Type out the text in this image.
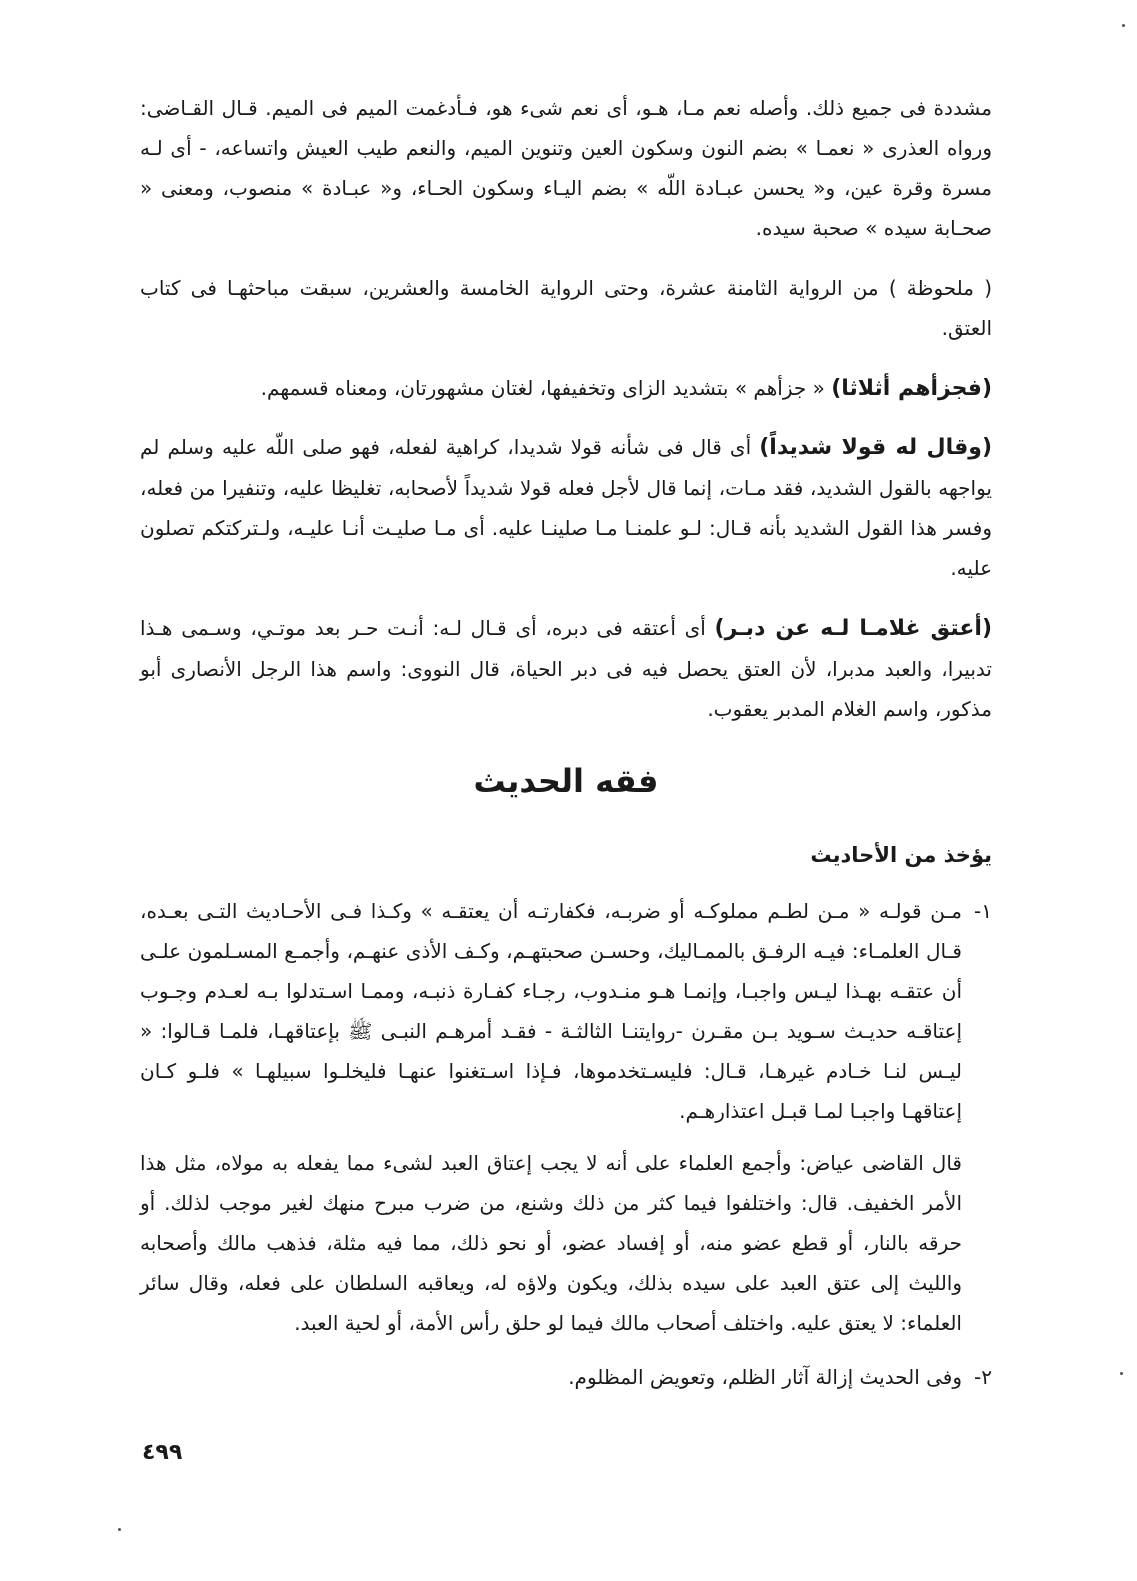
مشددة فى جميع ذلك. وأصله نعم مـا، هـو، أى نعم شىء هو، فـأدغمت الميم فى الميم. قـال القـاضى: ورواه العذرى « نعمـا » بضم النون وسكون العين وتنوين الميم، والنعم طيب العيش واتساعه، - أى لـه مسرة وقرة عين، و« يحسن عبـادة اللّه » بضم اليـاء وسكون الحـاء، و« عبـادة » منصوب، ومعنى « صحـابة سيده » صحبة سيده.

( ملحوظة ) من الرواية الثامنة عشرة، وحتى الرواية الخامسة والعشرين، سبقت مباحثهـا فى كتاب العتق.

(فجزأهم أثلاثا) « جزأهم » بتشديد الزاى وتخفيفها، لغتان مشهورتان، ومعناه قسمهم.

(وقال له قولا شديداً) أى قال فى شأنه قولا شديدا، كراهية لفعله، فهو صلى اللّه عليه وسلم لم يواجهه بالقول الشديد، فقد مـات، إنما قال لأجل فعله قولا شديداً لأصحابه، تغليظا عليه، وتنفيرا من فعله، وفسر هذا القول الشديد بأنه قـال: لـو علمنـا مـا صلينـا عليه. أى مـا صليـت أنـا عليـه، ولـتركتكم تصلون عليه.

(أعتق غلامـا لـه عن دبـر) أى أعتقه فى دبره، أى قـال لـه: أنـت حـر بعد موتـي، وسـمى هـذا تدبيرا، والعبد مدبرا، لأن العتق يحصل فيه فى دبر الحياة، قال النووى: واسم هذا الرجل الأنصارى أبو مذكور، واسم الغلام المدبر يعقوب.

فقه الحديث
يؤخذ من الأحاديث
١-
مـن قولـه « مـن لطـم مملوكـه أو ضربـه، فكفارتـه أن يعتقـه » وكـذا فـى الأحـاديث التـى بعـده، قـال العلمـاء: فيـه الرفـق بالممـاليك، وحسـن صحبتهـم، وكـف الأذى عنهـم، وأجمـع المسـلمون علـى أن عتقـه بهـذا ليـس واجبـا، وإنمـا هـو منـدوب، رجـاء كفـارة ذنبـه، وممـا اسـتدلوا بـه لعـدم وجـوب إعتاقـه حديـث سـويد بـن مقـرن -روايتنـا الثالثـة - فقـد أمرهـم النبـى ﷺ بإعتاقهـا، فلمـا قـالوا: « ليـس لنـا خـادم غيرهـا، قـال: فليسـتخدموها، فـإذا اسـتغنوا عنهـا فليخلـوا سبيلهـا » فلـو كـان إعتاقهـا واجبـا لمـا قبـل اعتذارهـم.

قال القاضى عياض: وأجمع العلماء على أنه لا يجب إعتاق العبد لشىء مما يفعله به مولاه، مثل هذا الأمر الخفيف. قال: واختلفوا فيما كثر من ذلك وشنع، من ضرب مبرح منهك لغير موجب لذلك. أو حرقه بالنار، أو قطع عضو منه، أو إفساد عضو، أو نحو ذلك، مما فيه مثلة، فذهب مالك وأصحابه والليث إلى عتق العبد على سيده بذلك، ويكون ولاؤه له، ويعاقبه السلطان على فعله، وقال سائر العلماء: لا يعتق عليه. واختلف أصحاب مالك فيما لو حلق رأس الأمة، أو لحية العبد.

٢-
وفى الحديث إزالة آثار الظلم، وتعويض المظلوم.
٤٩٩
